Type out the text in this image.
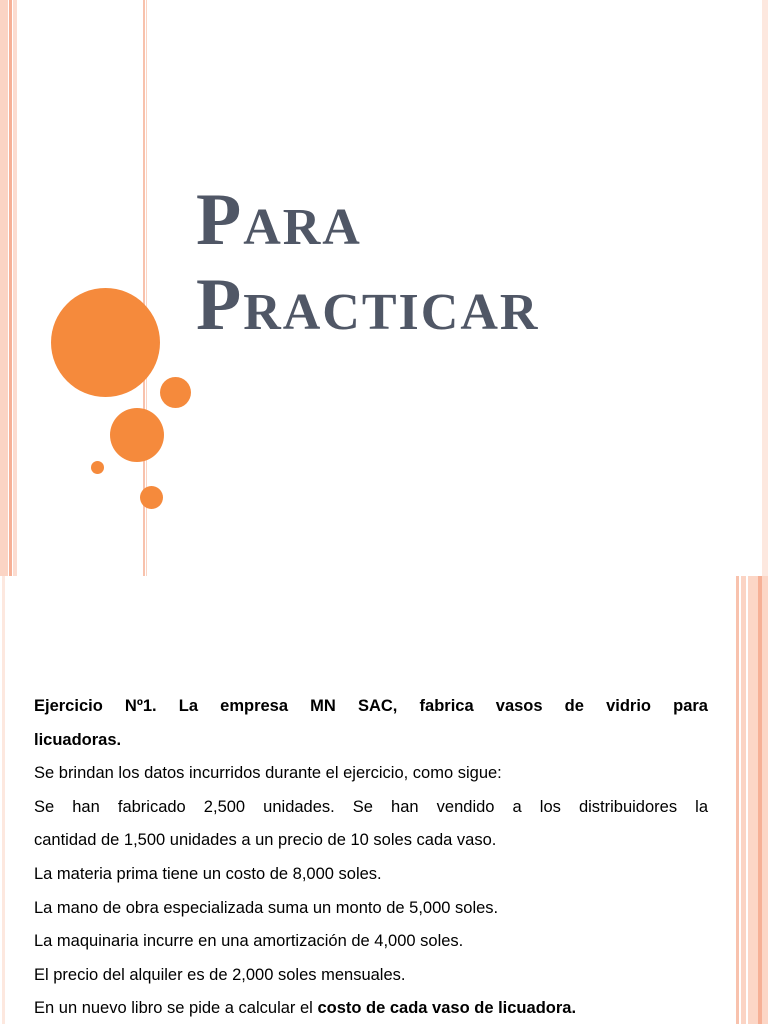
Para
Practicar
Ejercicio Nº1. La empresa MN SAC, fabrica vasos de vidrio para
licuadoras.
Se brindan los datos incurridos durante el ejercicio, como sigue:
Se han fabricado 2,500 unidades. Se han vendido a los distribuidores la
cantidad de 1,500 unidades a un precio de 10 soles cada vaso.
La materia prima tiene un costo de 8,000 soles.
La mano de obra especializada suma un monto de 5,000 soles.
La maquinaria incurre en una amortización de 4,000 soles.
El precio del alquiler es de 2,000 soles mensuales.
En un nuevo libro se pide a calcular el costo de cada vaso de licuadora.
